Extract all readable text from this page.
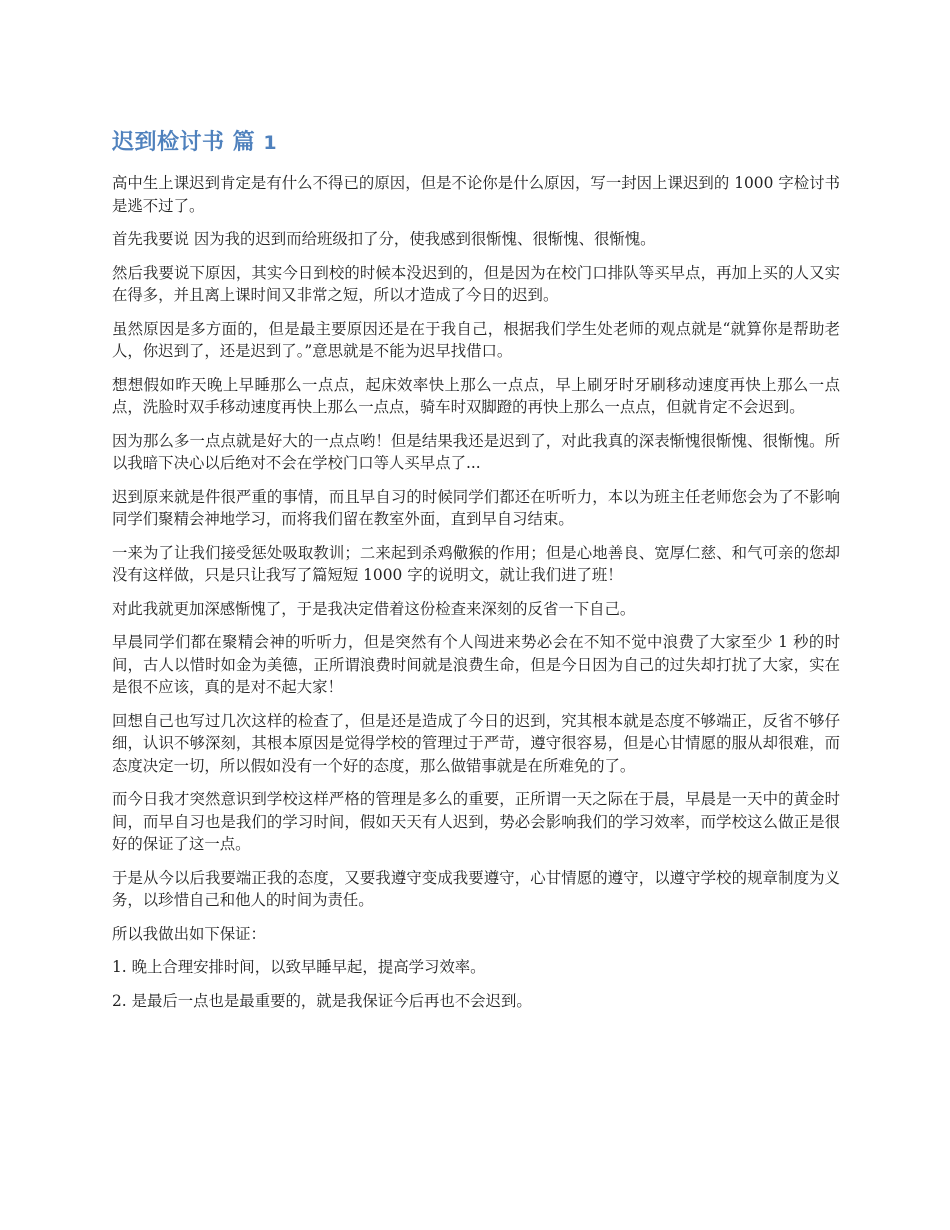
迟到检讨书 篇 1

高中生上课迟到肯定是有什么不得已的原因，但是不论你是什么原因，写一封因上课迟到的 1000 字检讨书是逃不过了。

首先我要说 因为我的迟到而给班级扣了分，使我感到很惭愧、很惭愧、很惭愧。

然后我要说下原因，其实今日到校的时候本没迟到的，但是因为在校门口排队等买早点，再加上买的人又实在得多，并且离上课时间又非常之短，所以才造成了今日的迟到。

虽然原因是多方面的，但是最主要原因还是在于我自己，根据我们学生处老师的观点就是“就算你是帮助老人，你迟到了，还是迟到了。”意思就是不能为迟早找借口。

想想假如昨天晚上早睡那么一点点，起床效率快上那么一点点，早上刷牙时牙刷移动速度再快上那么一点点，洗脸时双手移动速度再快上那么一点点，骑车时双脚蹬的再快上那么一点点，但就肯定不会迟到。

因为那么多一点点就是好大的一点点哟！但是结果我还是迟到了，对此我真的深表惭愧很惭愧、很惭愧。所以我暗下决心以后绝对不会在学校门口等人买早点了...

迟到原来就是件很严重的事情，而且早自习的时候同学们都还在听听力，本以为班主任老师您会为了不影响同学们聚精会神地学习，而将我们留在教室外面，直到早自习结束。

一来为了让我们接受惩处吸取教训；二来起到杀鸡儆猴的作用；但是心地善良、宽厚仁慈、和气可亲的您却没有这样做，只是只让我写了篇短短 1000 字的说明文，就让我们进了班！

对此我就更加深感惭愧了，于是我决定借着这份检查来深刻的反省一下自己。

早晨同学们都在聚精会神的听听力，但是突然有个人闯进来势必会在不知不觉中浪费了大家至少 1 秒的时间，古人以惜时如金为美德，正所谓浪费时间就是浪费生命，但是今日因为自己的过失却打扰了大家，实在是很不应该，真的是对不起大家！

回想自己也写过几次这样的检查了，但是还是造成了今日的迟到，究其根本就是态度不够端正，反省不够仔细，认识不够深刻，其根本原因是觉得学校的管理过于严苛，遵守很容易，但是心甘情愿的服从却很难，而态度决定一切，所以假如没有一个好的态度，那么做错事就是在所难免的了。

而今日我才突然意识到学校这样严格的管理是多么的重要，正所谓一天之际在于晨，早晨是一天中的黄金时间，而早自习也是我们的学习时间，假如天天有人迟到，势必会影响我们的学习效率，而学校这么做正是很好的保证了这一点。

于是从今以后我要端正我的态度，又要我遵守变成我要遵守，心甘情愿的遵守，以遵守学校的规章制度为义务，以珍惜自己和他人的时间为责任。

所以我做出如下保证：

1. 晚上合理安排时间，以致早睡早起，提高学习效率。

2. 是最后一点也是最重要的，就是我保证今后再也不会迟到。
